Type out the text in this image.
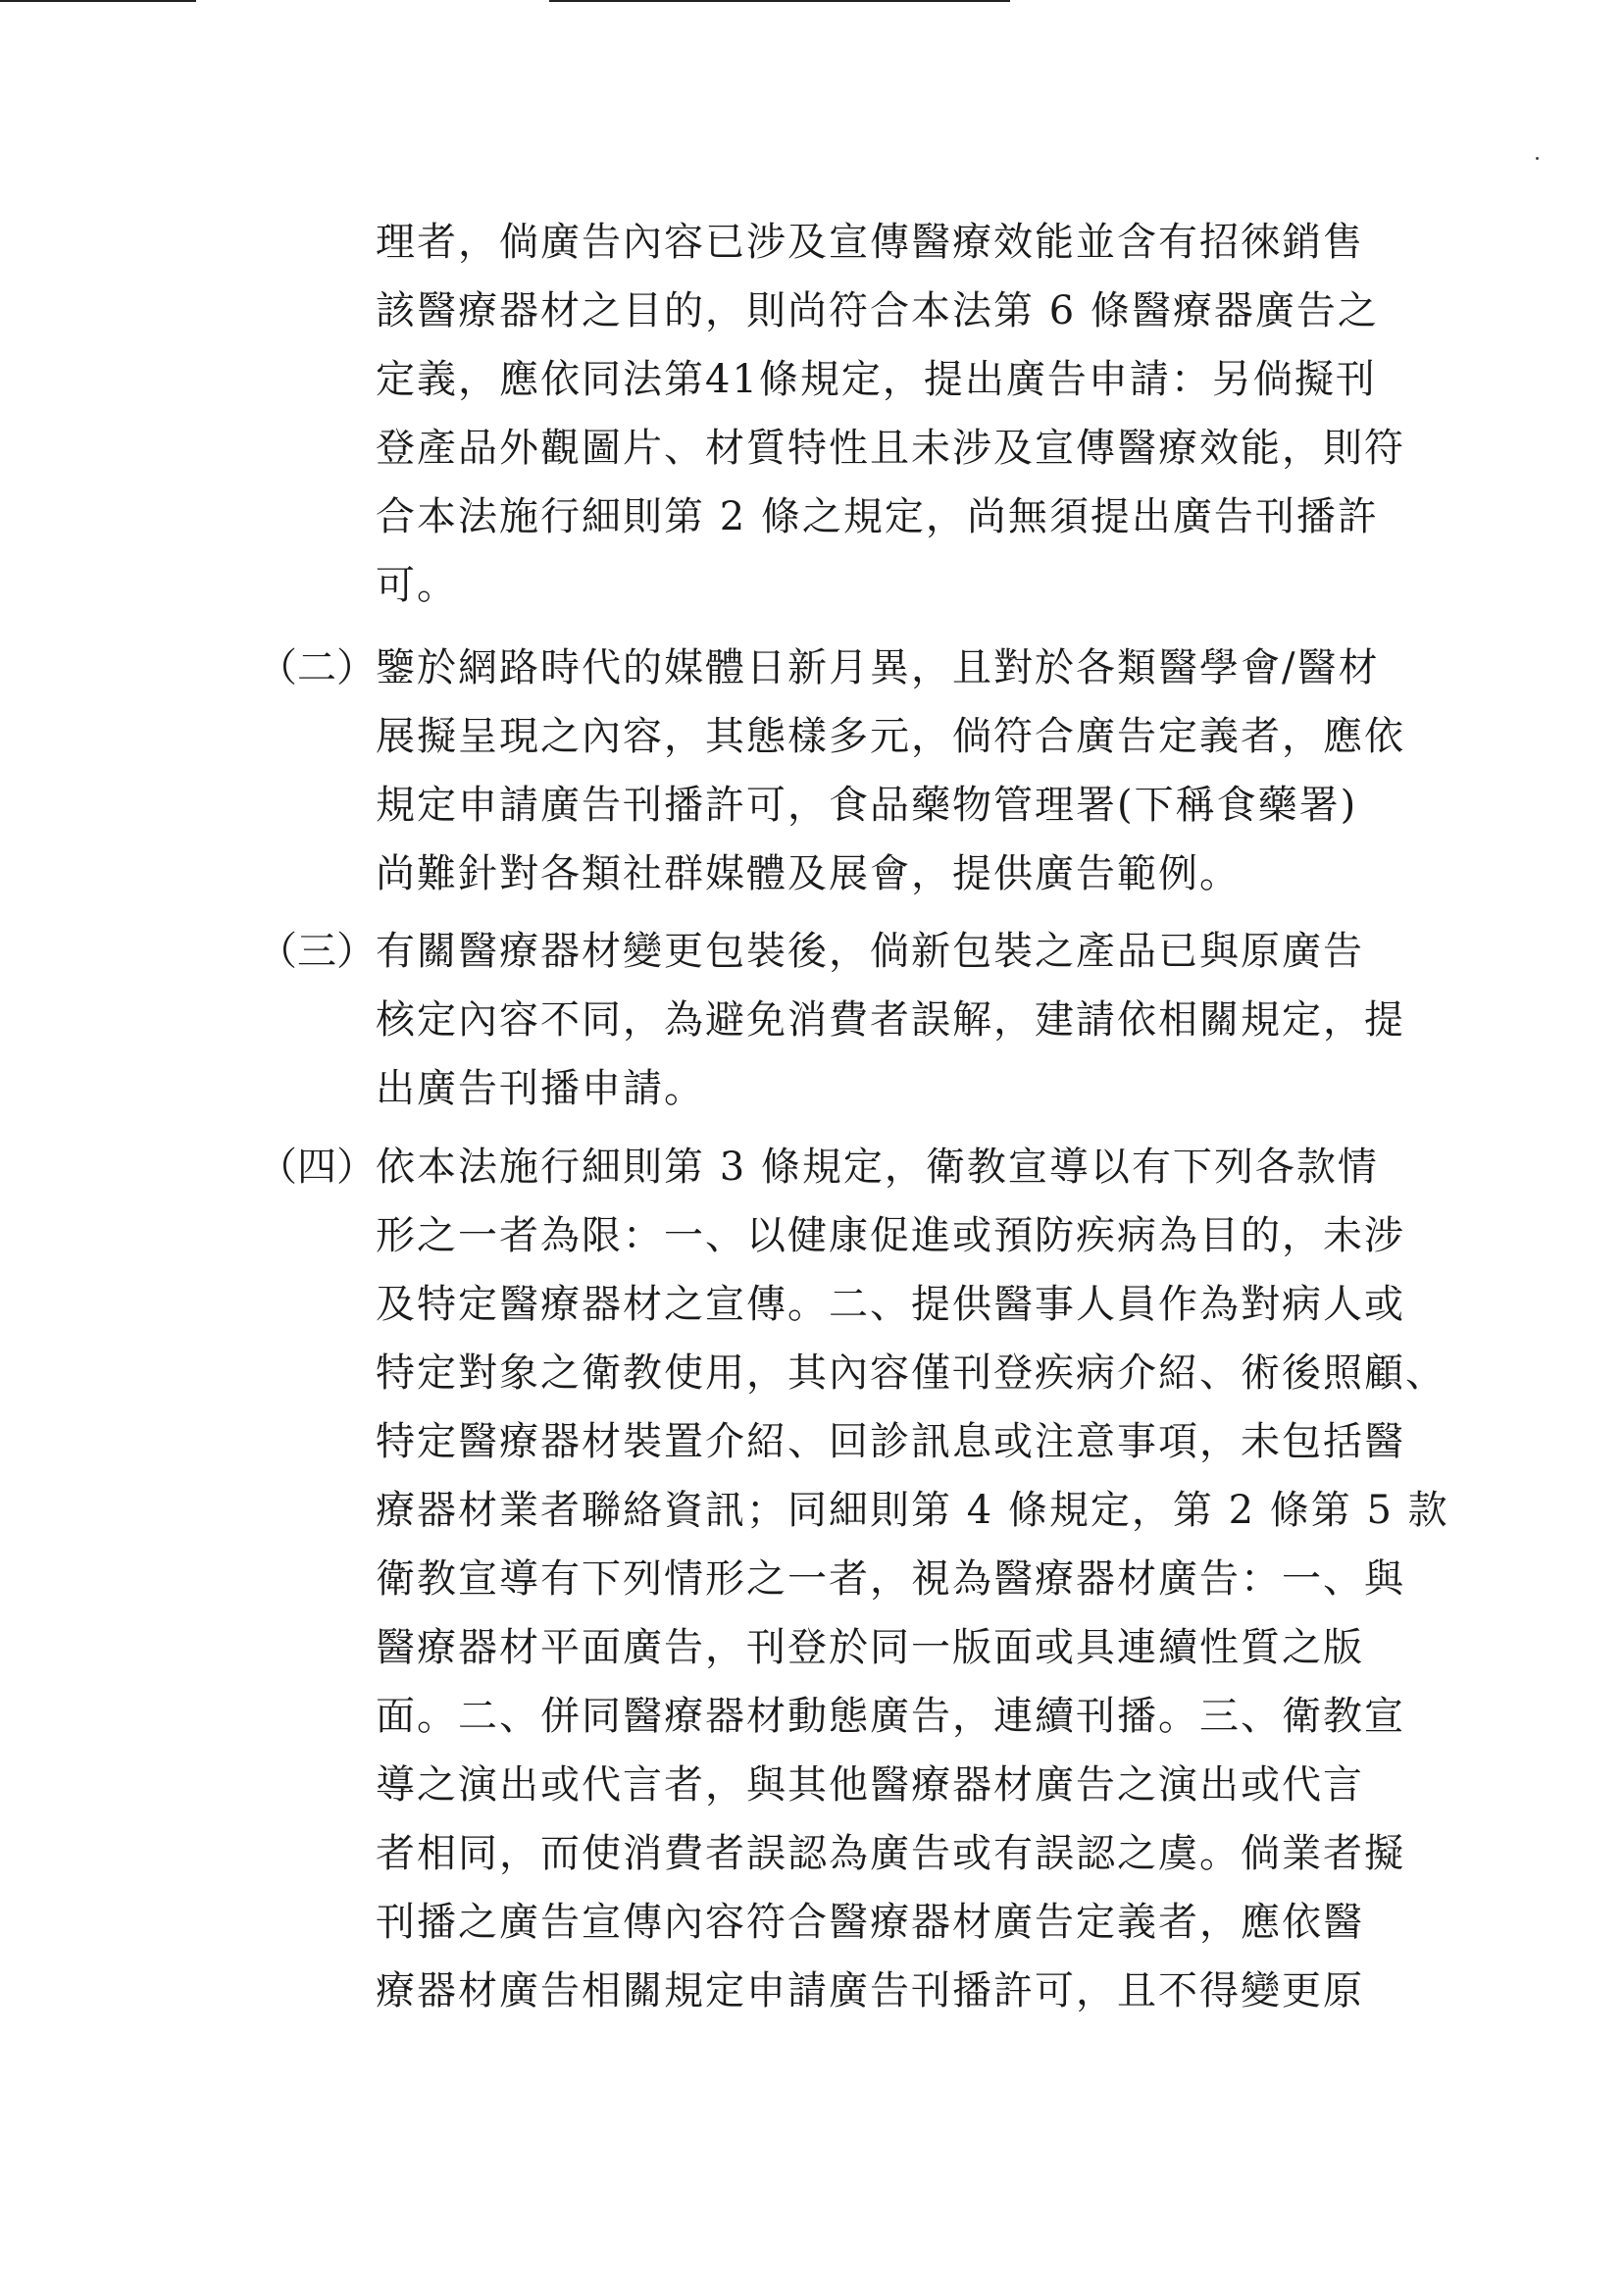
理者，倘廣告內容已涉及宣傳醫療效能並含有招徠銷售
該醫療器材之目的，則尚符合本法第 6 條醫療器廣告之
定義，應依同法第41條規定，提出廣告申請：另倘擬刊
登產品外觀圖片、材質特性且未涉及宣傳醫療效能，則符
合本法施行細則第 2 條之規定，尚無須提出廣告刊播許
可。
（二） 鑒於網路時代的媒體日新月異，且對於各類醫學會/醫材
展擬呈現之內容，其態樣多元，倘符合廣告定義者，應依
規定申請廣告刊播許可，食品藥物管理署(下稱食藥署)
尚難針對各類社群媒體及展會，提供廣告範例。
（三） 有關醫療器材變更包裝後，倘新包裝之產品已與原廣告
核定內容不同，為避免消費者誤解，建請依相關規定，提
出廣告刊播申請。
（四） 依本法施行細則第 3 條規定，衛教宣導以有下列各款情
形之一者為限：一、以健康促進或預防疾病為目的，未涉
及特定醫療器材之宣傳。二、提供醫事人員作為對病人或
特定對象之衛教使用，其內容僅刊登疾病介紹、術後照顧、
特定醫療器材裝置介紹、回診訊息或注意事項，未包括醫
療器材業者聯絡資訊；同細則第 4 條規定，第 2 條第 5 款
衛教宣導有下列情形之一者，視為醫療器材廣告：一、與
醫療器材平面廣告，刊登於同一版面或具連續性質之版
面。二、併同醫療器材動態廣告，連續刊播。三、衛教宣
導之演出或代言者，與其他醫療器材廣告之演出或代言
者相同，而使消費者誤認為廣告或有誤認之虞。倘業者擬
刊播之廣告宣傳內容符合醫療器材廣告定義者，應依醫
療器材廣告相關規定申請廣告刊播許可，且不得變更原
